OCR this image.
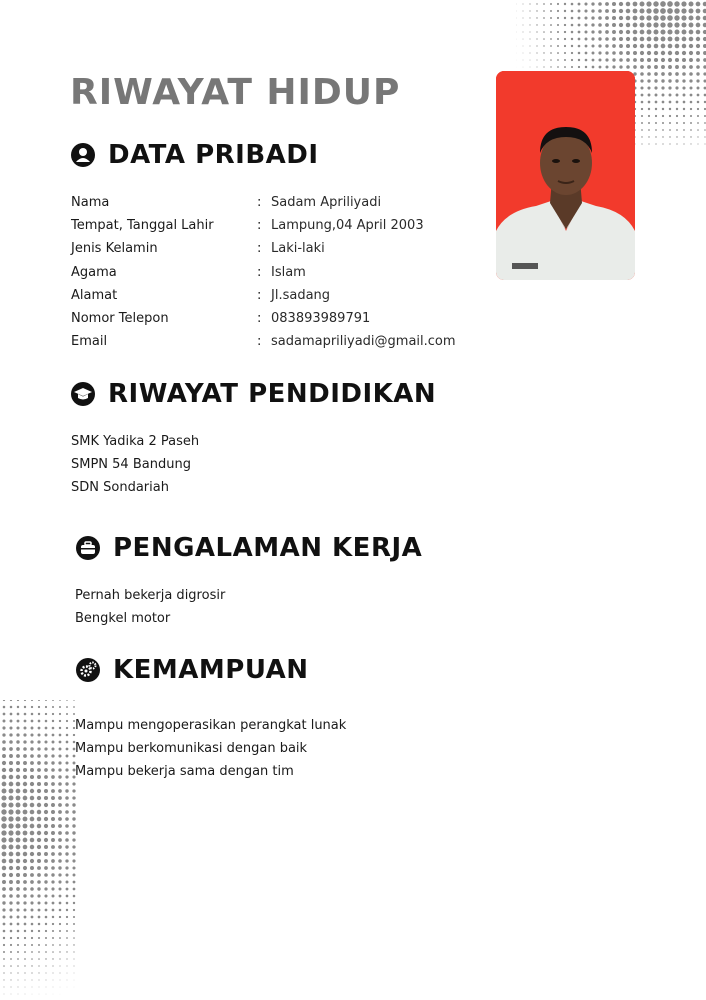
RIWAYAT HIDUP
DATA PRIBADI
Nama	: Sadam Apriliyadi
Tempat, Tanggal Lahir	: Lampung,04 April 2003
Jenis Kelamin	: Laki-laki
Agama	: Islam
Alamat	: Jl.sadang
Nomor Telepon	: 083893989791
Email	: sadamapriliyadi@gmail.com
RIWAYAT PENDIDIKAN
SMK Yadika 2 Paseh
SMPN 54 Bandung
SDN Sondariah
PENGALAMAN KERJA
Pernah bekerja digrosir
Bengkel motor
KEMAMPUAN
Mampu mengoperasikan perangkat lunak
Mampu berkomunikasi dengan baik
Mampu bekerja sama dengan tim
